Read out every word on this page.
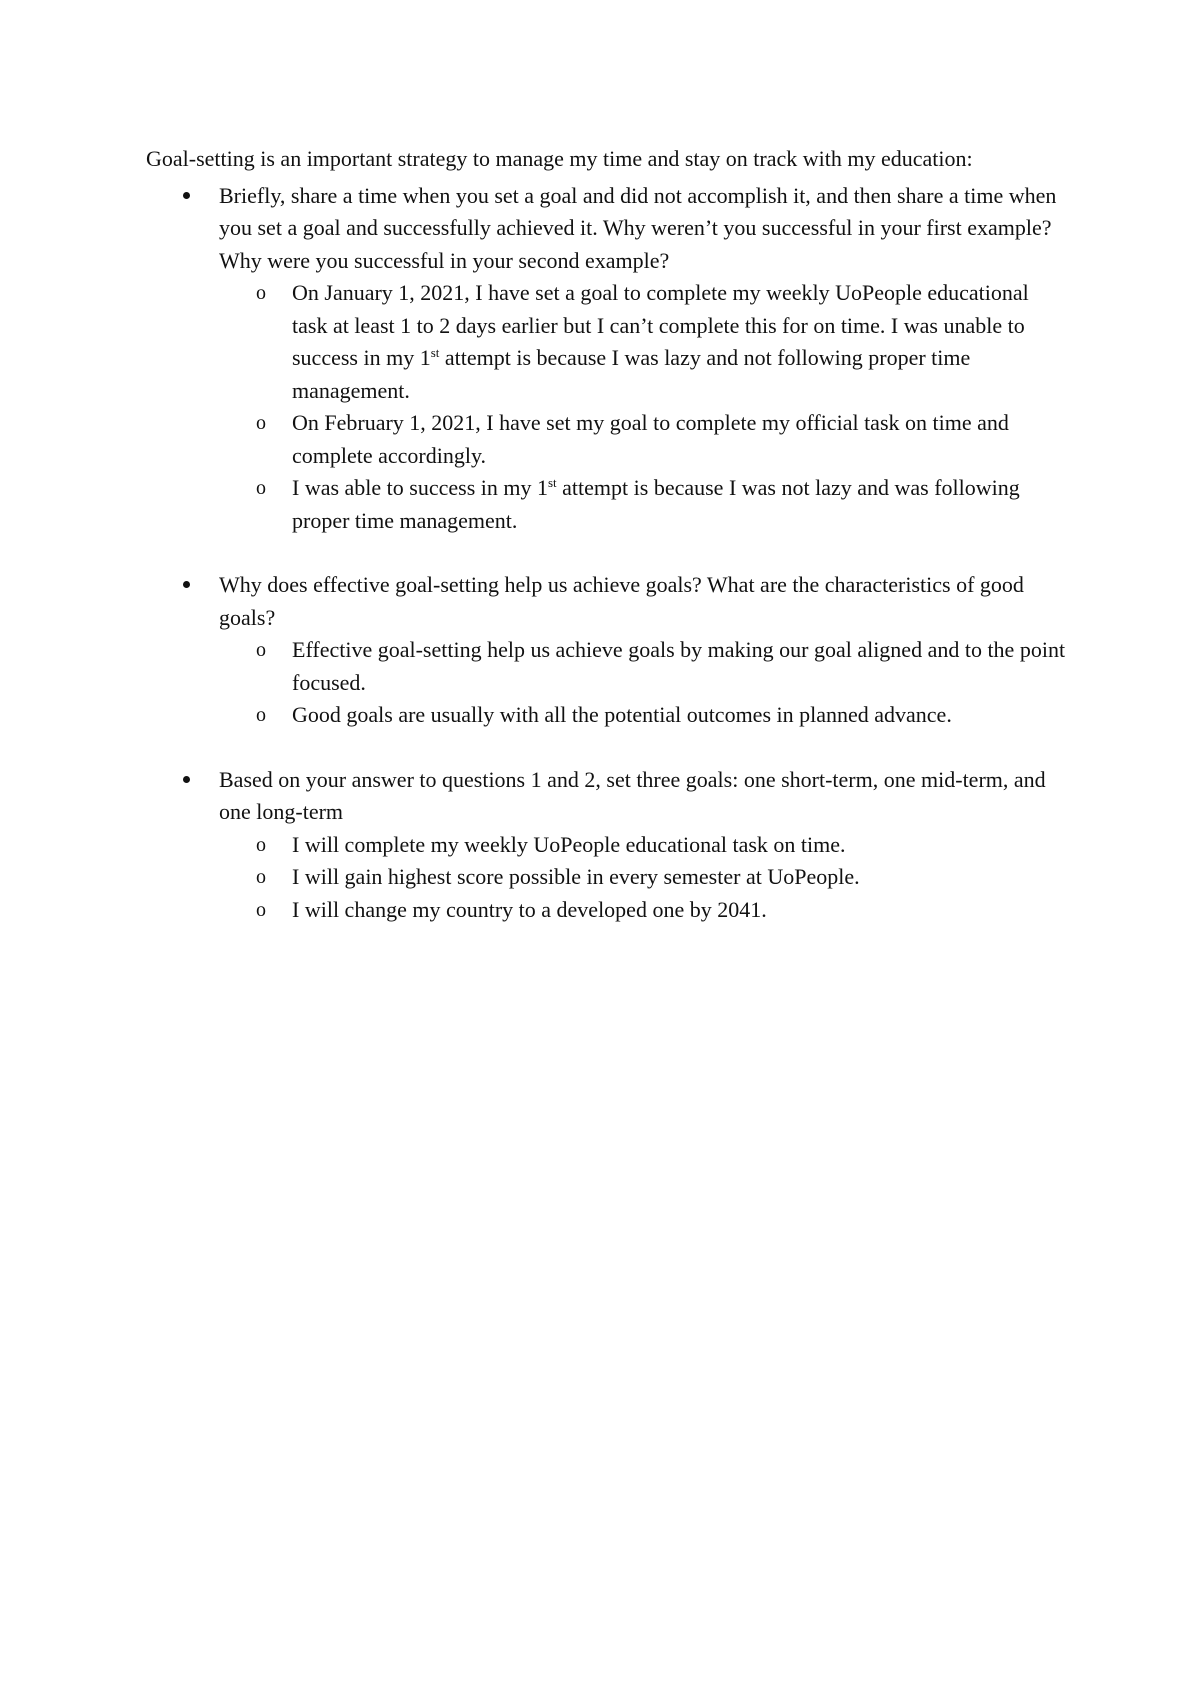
Goal-setting is an important strategy to manage my time and stay on track with my education:

Briefly, share a time when you set a goal and did not accomplish it, and then share a time when you set a goal and successfully achieved it. Why weren’t you successful in your first example? Why were you successful in your second example?
o On January 1, 2021, I have set a goal to complete my weekly UoPeople educational task at least 1 to 2 days earlier but I can’t complete this for on time. I was unable to success in my 1st attempt is because I was lazy and not following proper time management.
o On February 1, 2021, I have set my goal to complete my official task on time and complete accordingly.
o I was able to success in my 1st attempt is because I was not lazy and was following proper time management.
Why does effective goal-setting help us achieve goals? What are the characteristics of good goals?
o Effective goal-setting help us achieve goals by making our goal aligned and to the point focused.
o Good goals are usually with all the potential outcomes in planned advance.
Based on your answer to questions 1 and 2, set three goals: one short-term, one mid-term, and one long-term
o I will complete my weekly UoPeople educational task on time.
o I will gain highest score possible in every semester at UoPeople.
o I will change my country to a developed one by 2041.
